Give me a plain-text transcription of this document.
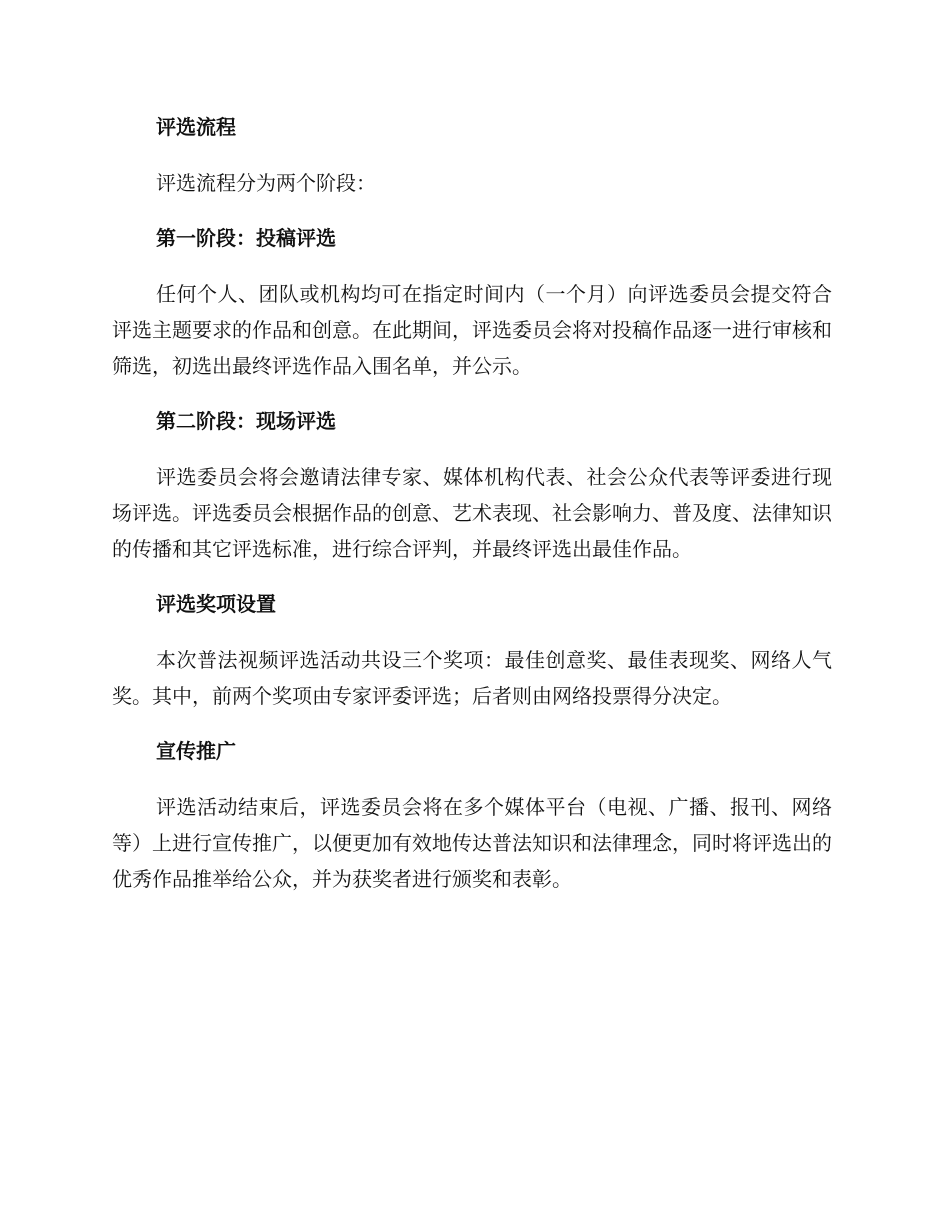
评选流程

评选流程分为两个阶段：

第一阶段：投稿评选

任何个人、团队或机构均可在指定时间内（一个月）向评选委员会提交符合评选主题要求的作品和创意。在此期间，评选委员会将对投稿作品逐一进行审核和筛选，初选出最终评选作品入围名单，并公示。

第二阶段：现场评选

评选委员会将会邀请法律专家、媒体机构代表、社会公众代表等评委进行现场评选。评选委员会根据作品的创意、艺术表现、社会影响力、普及度、法律知识的传播和其它评选标准，进行综合评判，并最终评选出最佳作品。

评选奖项设置

本次普法视频评选活动共设三个奖项：最佳创意奖、最佳表现奖、网络人气奖。其中，前两个奖项由专家评委评选；后者则由网络投票得分决定。

宣传推广

评选活动结束后，评选委员会将在多个媒体平台（电视、广播、报刊、网络等）上进行宣传推广，以便更加有效地传达普法知识和法律理念，同时将评选出的优秀作品推举给公众，并为获奖者进行颁奖和表彰。
